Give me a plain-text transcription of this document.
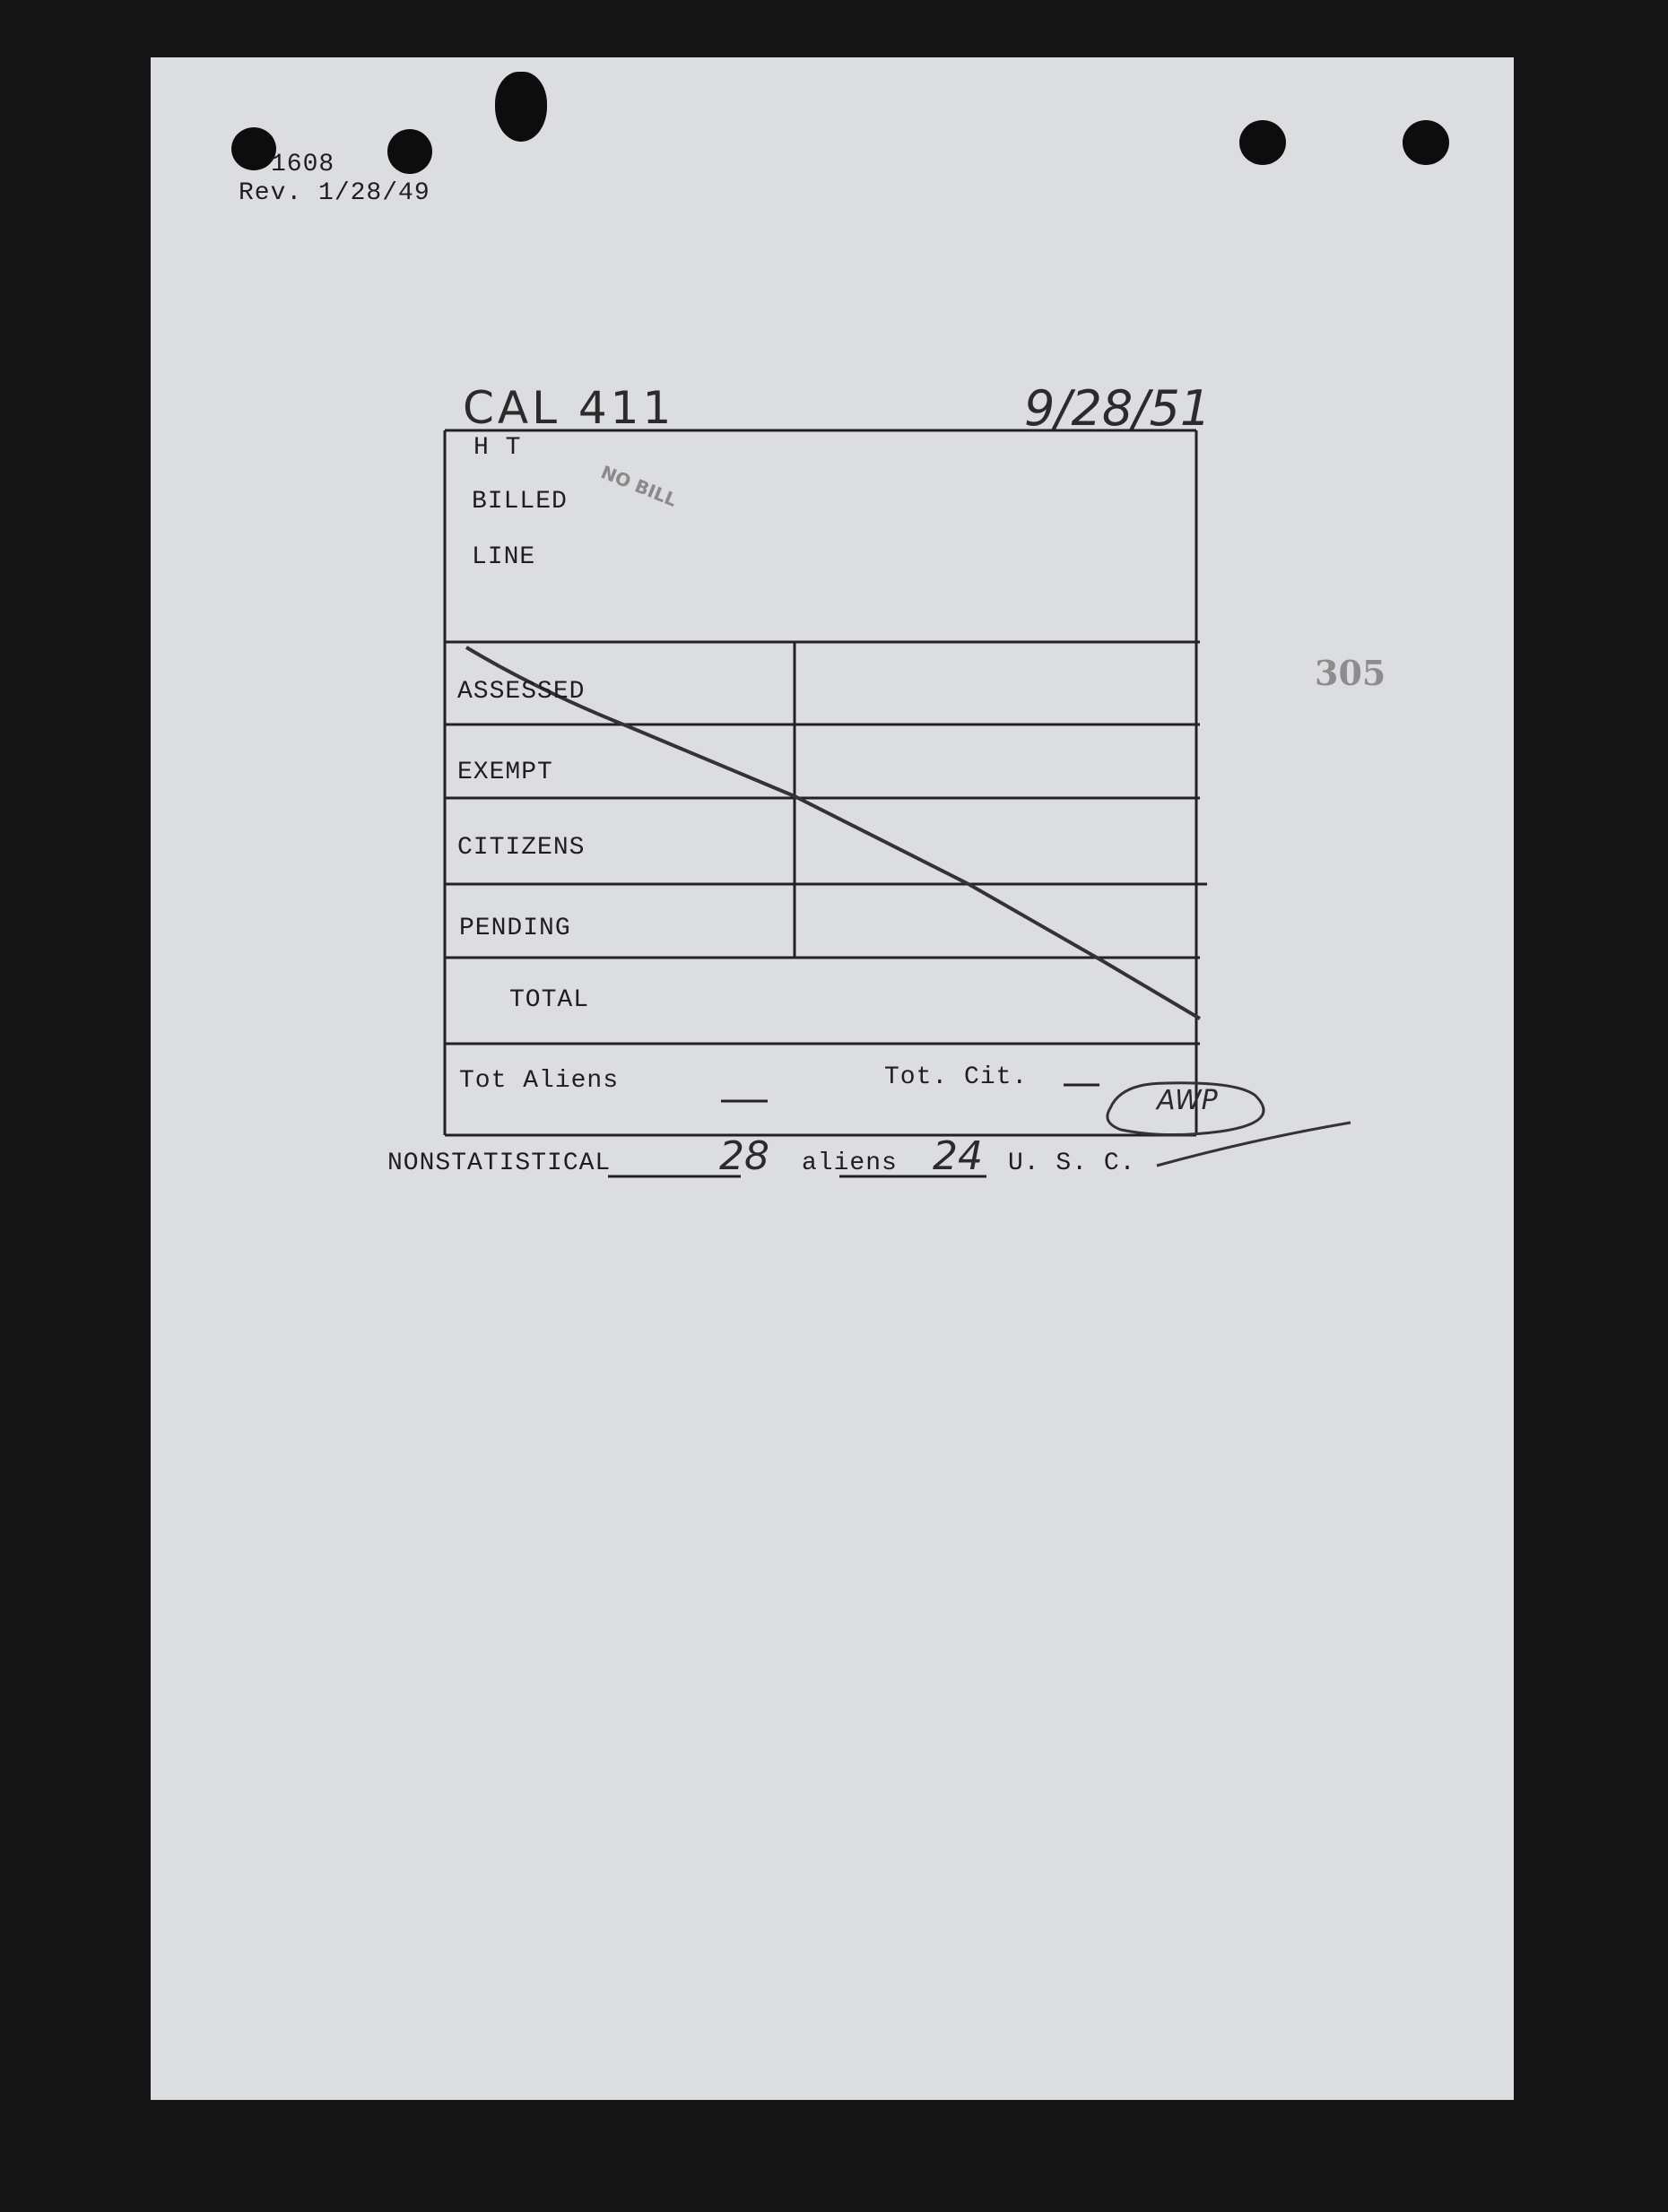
1608
Rev. 1/28/49
CAL 411	9/28/51
305
NO BILL
H T
BILLED
LINE
ASSESSED
EXEMPT
CITIZENS
PENDING
TOTAL
Tot Aliens	Tot. Cit.
AWP
NONSTATISTICAL	28 aliens 24 U. S. C.
